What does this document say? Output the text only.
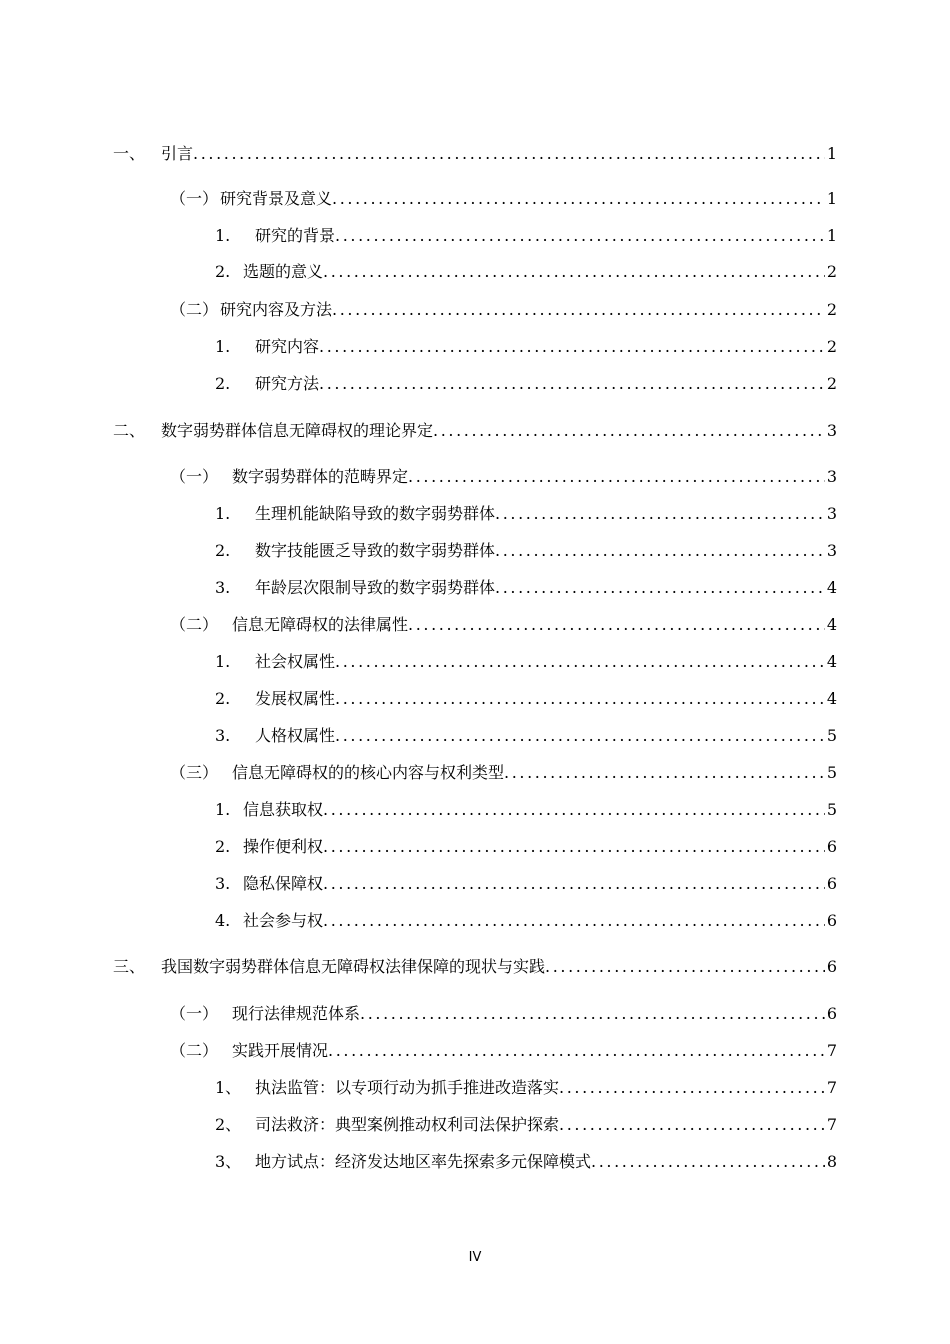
一、 引言 .....	1
（一） 研究背景及意义 .....	1
1.	研究的背景 .....	1
2. 选题的意义 .....	2
（二） 研究内容及方法 .....	2
1.	研究内容 .....	2
2.	研究方法 .....	2
二、 数字弱势群体信息无障碍权的理论界定 .....	3
（一） 数字弱势群体的范畴界定 .....	3
1.	生理机能缺陷导致的数字弱势群体 .....	3
2.	数字技能匮乏导致的数字弱势群体 .....	3
3.	年龄层次限制导致的数字弱势群体 .....	4
（二） 信息无障碍权的法律属性 .....	4
1.	社会权属性 .....	4
2.	发展权属性 .....	4
3.	人格权属性 .....	5
（三） 信息无障碍权的的核心内容与权利类型 .....	5
1. 信息获取权 .....	5
2. 操作便利权 .....	6
3. 隐私保障权 .....	6
4. 社会参与权 .....	6
三、 我国数字弱势群体信息无障碍权法律保障的现状与实践 .....	6
（一） 现行法律规范体系 .....	6
（二） 实践开展情况 .....	7
1、 执法监管：以专项行动为抓手推进改造落实 .....	7
2、 司法救济：典型案例推动权利司法保护探索 .....	7
3、 地方试点：经济发达地区率先探索多元保障模式 .....	8
IV
